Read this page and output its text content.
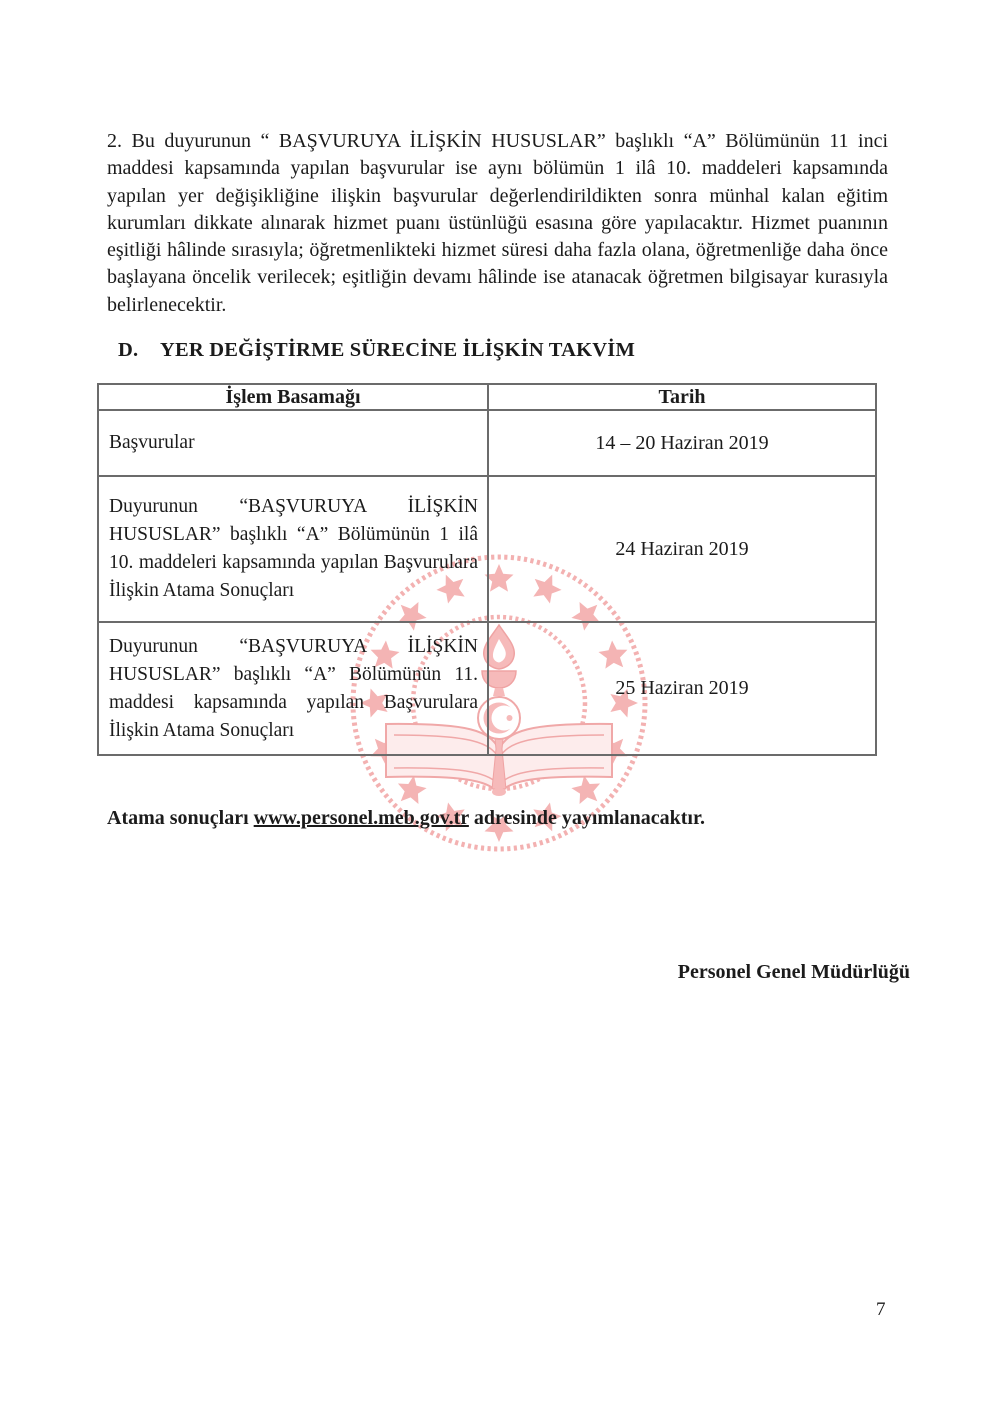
2. Bu duyurunun “ BAŞVURUYA İLİŞKİN HUSUSLAR” başlıklı “A” Bölümünün 11 inci maddesi kapsamında yapılan başvurular ise aynı bölümün 1 ilâ 10. maddeleri kapsamında yapılan yer değişikliğine ilişkin başvurular değerlendirildikten sonra münhal kalan eğitim kurumları dikkate alınarak hizmet puanı üstünlüğü esasına göre yapılacaktır. Hizmet puanının eşitliği hâlinde sırasıyla; öğretmenlikteki hizmet süresi daha fazla olana, öğretmenliğe daha önce başlayana öncelik verilecek; eşitliğin devamı hâlinde ise atanacak öğretmen bilgisayar kurasıyla belirlenecektir.

D. YER DEĞİŞTİRME SÜRECİNE İLİŞKİN TAKVİM
İşlem Basamağı	Tarih
Başvurular	14 – 20 Haziran 2019
Duyurunun “BAŞVURUYA İLİŞKİN HUSUSLAR” başlıklı “A” Bölümünün 1 ilâ 10. maddeleri kapsamında yapılan Başvurulara İlişkin Atama Sonuçları	24 Haziran 2019
Duyurunun “BAŞVURUYA İLİŞKİN HUSUSLAR” başlıklı “A” Bölümünün 11. maddesi kapsamında yapılan Başvurulara İlişkin Atama Sonuçları	25 Haziran 2019

Atama sonuçları www.personel.meb.gov.tr adresinde yayımlanacaktır.

Personel Genel Müdürlüğü
7
